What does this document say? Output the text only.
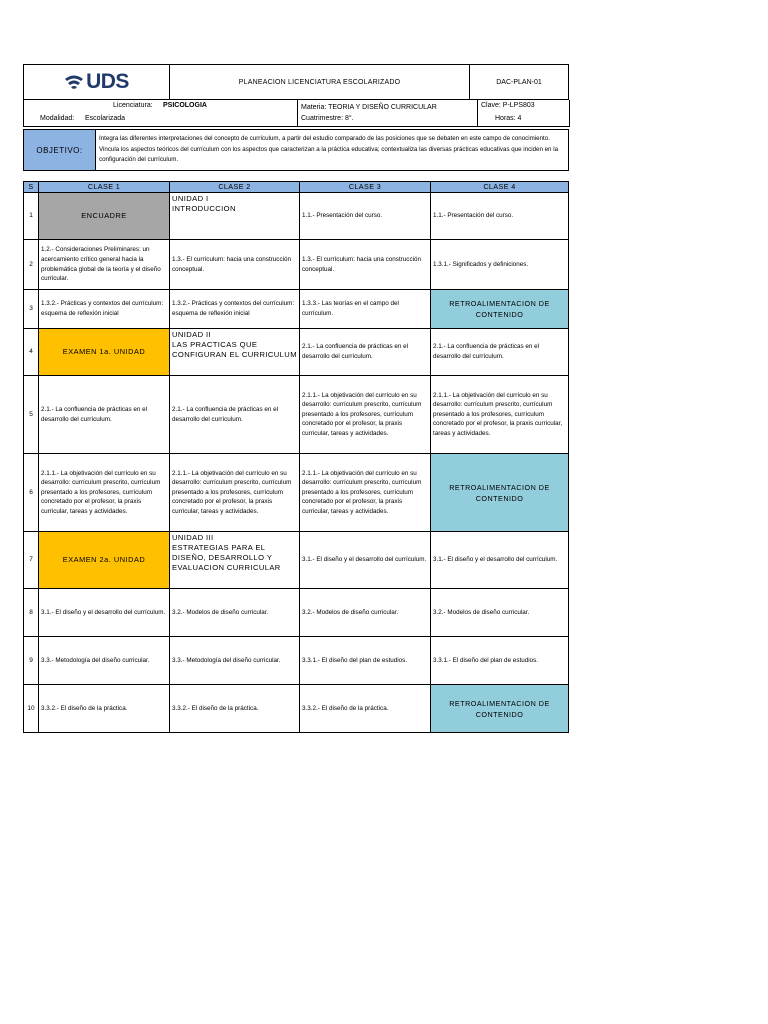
UDS	PLANEACION LICENCIATURA ESCOLARIZADO	DAC-PLAN-01
Licenciatura: PSICOLOGIA
Modalidad: Escolarizada
Materia: TEORIA Y DISEÑO CURRICULAR
Cuatrimestre: 8°.
Clave: P-LPS803
Horas: 4
OBJETIVO:	Integra las diferentes interpretaciones del concepto de currículum, a partir del estudio comparado de las posiciones que se debaten en este campo de conocimiento. Vincula los aspectos teóricos del currículum con los aspectos que caracterizan a la práctica educativa; contextualiza las diversas prácticas educativas que inciden en la configuración del currículum.
S	CLASE 1	CLASE 2	CLASE 3	CLASE 4
1	ENCUADRE	UNIDAD I
INTRODUCCION	1.1.- Presentación del curso.	1.1.- Presentación del curso.
2	1.2.- Consideraciones Preliminares: un acercamiento crítico general hacia la problemática global de la teoría y el diseño curricular.	1.3.- El currículum: hacia una construcción conceptual.	1.3.- El currículum: hacia una construcción conceptual.	1.3.1.- Significados y definiciones.
3	1.3.2.- Prácticas y contextos del currículum: esquema de reflexión inicial	1.3.2.- Prácticas y contextos del currículum: esquema de reflexión inicial	1.3.3.- Las teorías en el campo del currículum.	RETROALIMENTACION DE CONTENIDO
4	EXAMEN 1a. UNIDAD	UNIDAD II
LAS PRACTICAS QUE CONFIGURAN EL CURRICULUM	2.1.- La confluencia de prácticas en el desarrollo del currículum.	2.1.- La confluencia de prácticas en el desarrollo del currículum.
5	2.1.- La confluencia de prácticas en el desarrollo del currículum.	2.1.- La confluencia de prácticas en el desarrollo del currículum.	2.1.1.- La objetivación del currículo en su desarrollo: currículum prescrito, currículum presentado a los profesores, currículum concretado por el profesor, la praxis curricular, tareas y actividades.	2.1.1.- La objetivación del currículo en su desarrollo: currículum prescrito, currículum presentado a los profesores, currículum concretado por el profesor, la praxis curricular, tareas y actividades.
6	2.1.1.- La objetivación del currículo en su desarrollo: currículum prescrito, currículum presentado a los profesores, currículum concretado por el profesor, la praxis curricular, tareas y actividades.	2.1.1.- La objetivación del currículo en su desarrollo: currículum prescrito, currículum presentado a los profesores, currículum concretado por el profesor, la praxis curricular, tareas y actividades.	2.1.1.- La objetivación del currículo en su desarrollo: currículum prescrito, currículum presentado a los profesores, currículum concretado por el profesor, la praxis curricular, tareas y actividades.	RETROALIMENTACION DE CONTENIDO
7	EXAMEN 2a. UNIDAD	UNIDAD III
ESTRATEGIAS PARA EL DISEÑO, DESARROLLO Y EVALUACION CURRICULAR	3.1.- El diseño y el desarrollo del currículum.	3.1.- El diseño y el desarrollo del currículum.
8	3.1.- El diseño y el desarrollo del currículum.	3.2.- Modelos de diseño curricular.	3.2.- Modelos de diseño curricular.	3.2.- Modelos de diseño curricular.
9	3.3.- Metodología del diseño curricular.	3.3.- Metodología del diseño curricular.	3.3.1.- El diseño del plan de estudios.	3.3.1.- El diseño del plan de estudios.
10	3.3.2.- El diseño de la práctica.	3.3.2.- El diseño de la práctica.	3.3.2.- El diseño de la práctica.	RETROALIMENTACION DE CONTENIDO
